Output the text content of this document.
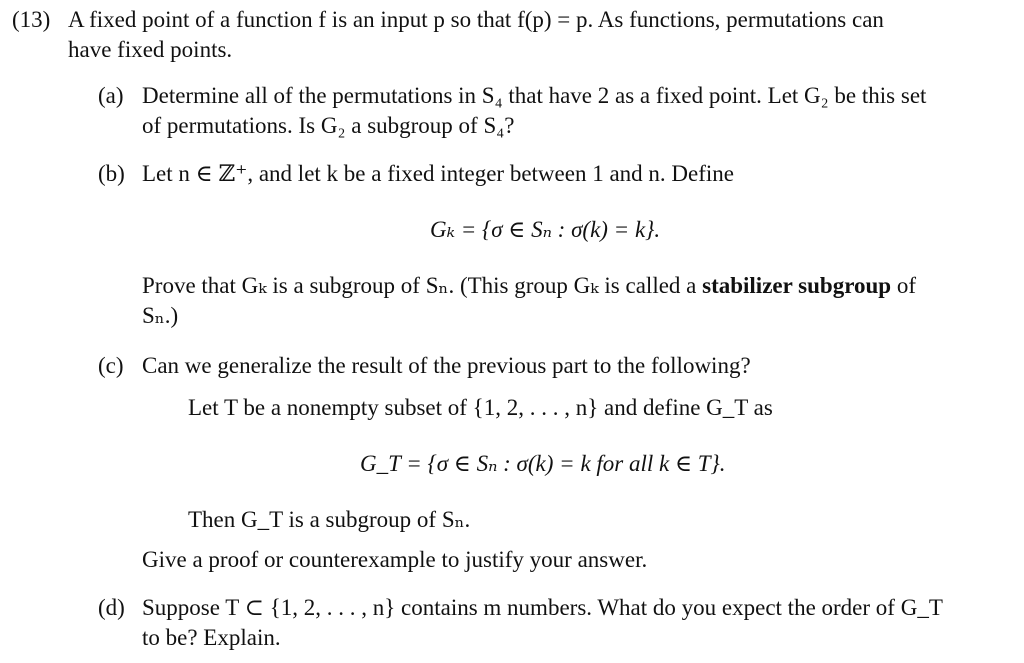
(13) A fixed point of a function f is an input p so that f(p) = p. As functions, permutations can
have fixed points.
(a) Determine all of the permutations in S₄ that have 2 as a fixed point. Let G₂ be this set
of permutations. Is G₂ a subgroup of S₄?
(b) Let n ∈ ℤ⁺, and let k be a fixed integer between 1 and n. Define
Gₖ = {σ ∈ Sₙ : σ(k) = k}.
Prove that Gₖ is a subgroup of Sₙ. (This group Gₖ is called a stabilizer subgroup of
Sₙ.)
(c) Can we generalize the result of the previous part to the following?
Let T be a nonempty subset of {1, 2, . . . , n} and define G_T as
G_T = {σ ∈ Sₙ : σ(k) = k for all k ∈ T}.
Then G_T is a subgroup of Sₙ.
Give a proof or counterexample to justify your answer.
(d) Suppose T ⊂ {1, 2, . . . , n} contains m numbers. What do you expect the order of G_T
to be? Explain.
